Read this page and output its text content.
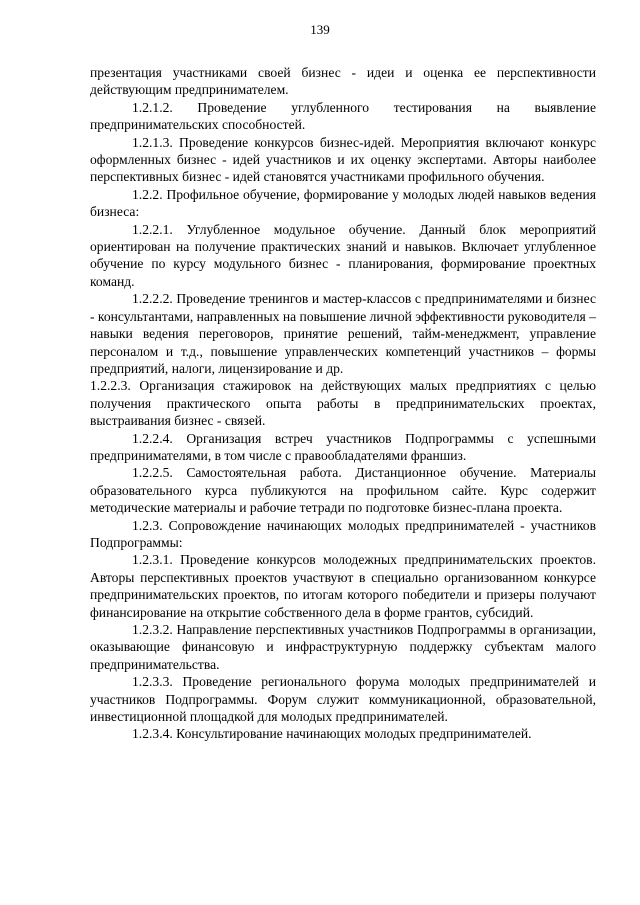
139

презентация участниками своей бизнес - идеи и оценка ее перспективности действующим предпринимателем.

1.2.1.2. Проведение углубленного тестирования на выявление предпринимательских способностей.

1.2.1.3. Проведение конкурсов бизнес-идей. Мероприятия включают конкурс оформленных бизнес - идей участников и их оценку экспертами. Авторы наиболее перспективных бизнес - идей становятся участниками профильного обучения.

1.2.2. Профильное обучение, формирование у молодых людей навыков ведения бизнеса:

1.2.2.1. Углубленное модульное обучение. Данный блок мероприятий ориентирован на получение практических знаний и навыков. Включает углубленное обучение по курсу модульного бизнес - планирования, формирование проектных команд.

1.2.2.2. Проведение тренингов и мастер-классов с предпринимателями и бизнес - консультантами, направленных на повышение личной эффективности руководителя – навыки ведения переговоров, принятие решений, тайм-менеджмент, управление персоналом и т.д., повышение управленческих компетенций участников – формы предприятий, налоги, лицензирование и др.

1.2.2.3. Организация стажировок на действующих малых предприятиях с целью получения практического опыта работы в предпринимательских проектах, выстраивания бизнес - связей.

1.2.2.4. Организация встреч участников Подпрограммы с успешными предпринимателями, в том числе с правообладателями франшиз.

1.2.2.5. Самостоятельная работа. Дистанционное обучение. Материалы образовательного курса публикуются на профильном сайте. Курс содержит методические материалы и рабочие тетради по подготовке бизнес-плана проекта.

1.2.3. Сопровождение начинающих молодых предпринимателей - участников Подпрограммы:

1.2.3.1. Проведение конкурсов молодежных предпринимательских проектов. Авторы перспективных проектов участвуют в специально организованном конкурсе предпринимательских проектов, по итогам которого победители и призеры получают финансирование на открытие собственного дела в форме грантов, субсидий.

1.2.3.2. Направление перспективных участников Подпрограммы в организации, оказывающие финансовую и инфраструктурную поддержку субъектам малого предпринимательства.

1.2.3.3. Проведение регионального форума молодых предпринимателей и участников Подпрограммы. Форум служит коммуникационной, образовательной, инвестиционной площадкой для молодых предпринимателей.

1.2.3.4. Консультирование начинающих молодых предпринимателей.
